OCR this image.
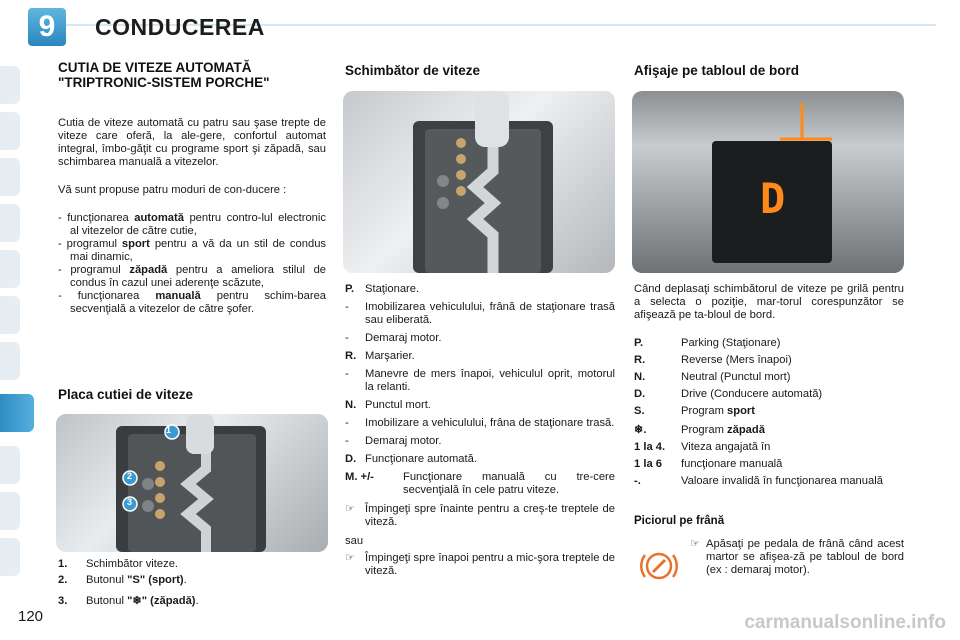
9	CONDUCEREA
CUTIA DE VITEZE AUTOMATĂ "TRIPTRONIC-SISTEM PORCHE"
Cutia de viteze automată cu patru sau şase trepte de viteze care oferă, la ale-gere, confortul automat integral, îmbo-găţit cu programe sport şi zăpadă, sau schimbarea manuală a vitezelor.
Vă sunt propuse patru moduri de con-ducere :
- funcţionarea automată pentru contro-lul electronic al vitezelor de către cutie,
- programul sport pentru a vă da un stil de condus mai dinamic,
- programul zăpadă pentru a ameliora stilul de condus în cazul unei aderenţe scăzute,
- funcţionarea manuală pentru schim-barea secvenţială a vitezelor de către şofer.
Placa cutiei de viteze
1
2
3
1.	Schimbător viteze.
2.	Butonul
"S" (sport) .
3.	Butonul
"❄" (zăpadă) .
Schimbător de viteze
P. Staţionare.
-	Imobilizarea vehiculului, frână de staţionare trasă sau eliberată.
-	Demaraj motor.
R. Marşarier.
-	Manevre de mers înapoi, vehiculul oprit, motorul la relanti.
N. Punctul mort.
-	Imobilizare a vehiculului, frâna de staţionare trasă.
-	Demaraj motor.
D. Funcţionare automată.
M. +/-	Funcţionare manuală cu tre-cere secvenţială în cele patru viteze.
☞ Împingeţi spre înainte pentru a creş-te treptele de viteză.
sau
☞ Împingeţi spre înapoi pentru a mic-şora treptele de viteză.
Afişaje pe tabloul de bord
D
Când deplasaţi schimbătorul de viteze pe grilă pentru a selecta o poziţie, mar-torul corespunzător se afişează pe ta-bloul de bord.
P.	Parking (Staţionare)
R.	Reverse (Mers înapoi)
N.	Neutral (Punctul mort)
D.	Drive (Conducere automată)
S.	Program
sport
❄.	Program
zăpadă
1 la 4.	Viteza angajată în
1 la 6	funcţionare manuală
-.	Valoare invalidă în funcţionarea manuală
Piciorul pe frână
☞ Apăsaţi pe pedala de frână când acest martor se afişea-ză pe tabloul de bord (ex : demaraj motor).
120	carmanualsonline.info
